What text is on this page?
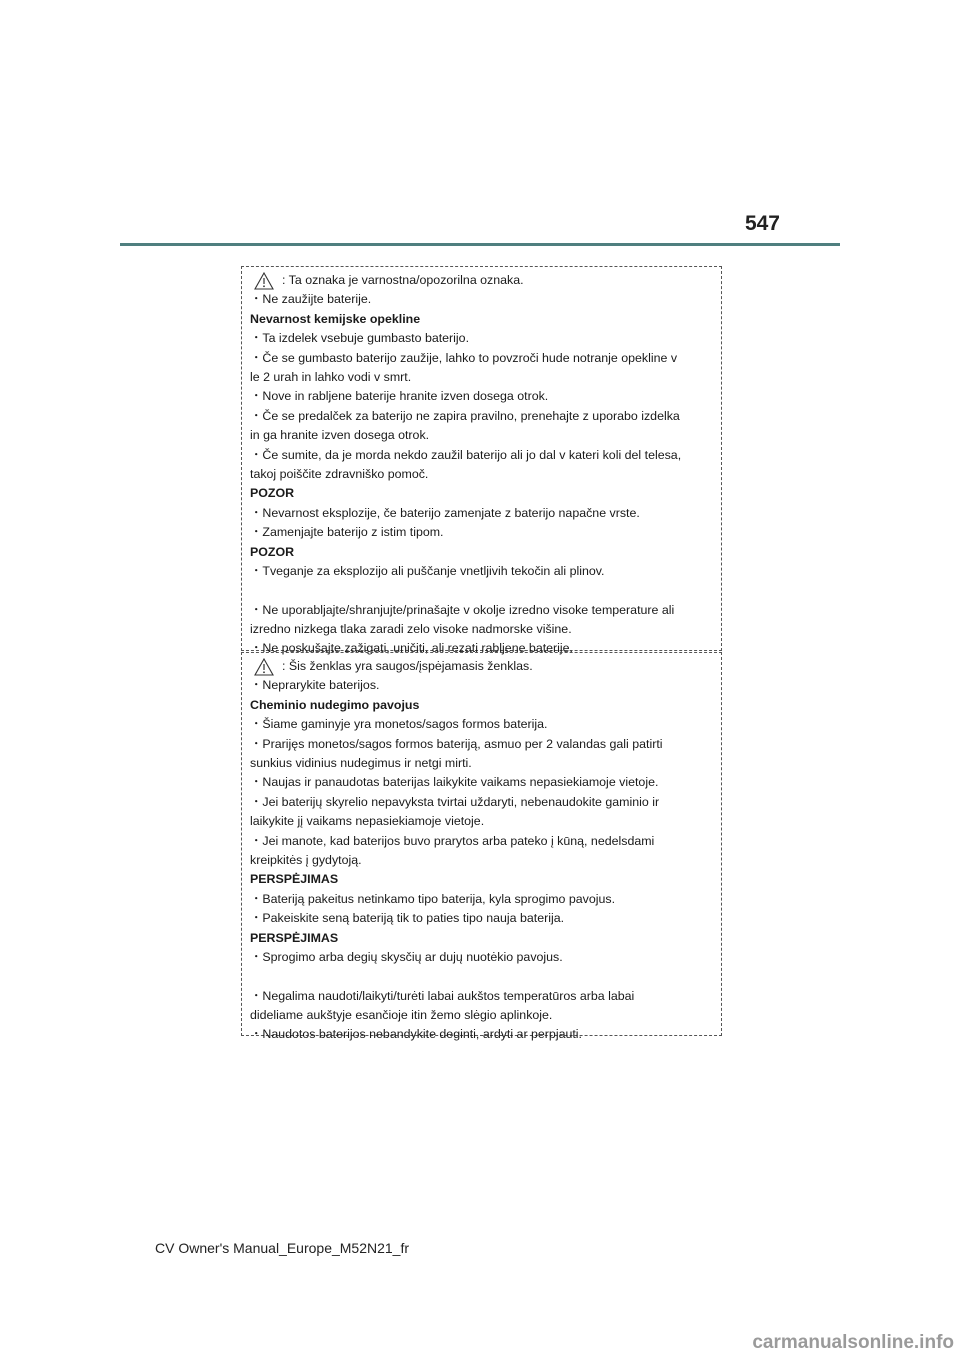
547
: Ta oznaka je varnostna/opozorilna oznaka.
・Ne zaužijte baterije.
Nevarnost kemijske opekline
・Ta izdelek vsebuje gumbasto baterijo.
・Če se gumbasto baterijo zaužije, lahko to povzroči hude notranje opekline v
le 2 urah in lahko vodi v smrt.
・Nove in rabljene baterije hranite izven dosega otrok.
・Če se predalček za baterijo ne zapira pravilno, prenehajte z uporabo izdelka
in ga hranite izven dosega otrok.
・Če sumite, da je morda nekdo zaužil baterijo ali jo dal v kateri koli del telesa,
takoj poiščite zdravniško pomoč.
POZOR
・Nevarnost eksplozije, če baterijo zamenjate z baterijo napačne vrste.
・Zamenjajte baterijo z istim tipom.
POZOR
・Tveganje za eksplozijo ali puščanje vnetljivih tekočin ali plinov.
・Ne uporabljajte/shranjujte/prinašajte v okolje izredno visoke temperature ali
izredno nizkega tlaka zaradi zelo visoke nadmorske višine.
・Ne poskušajte zažigati, uničiti, ali rezati rabljene baterije.
: Šis ženklas yra saugos/įspėjamasis ženklas.
・Neprarykite baterijos.
Cheminio nudegimo pavojus
・Šiame gaminyje yra monetos/sagos formos baterija.
・Prarijęs monetos/sagos formos bateriją, asmuo per 2 valandas gali patirti
sunkius vidinius nudegimus ir netgi mirti.
・Naujas ir panaudotas baterijas laikykite vaikams nepasiekiamoje vietoje.
・Jei baterijų skyrelio nepavyksta tvirtai uždaryti, nebenaudokite gaminio ir
laikykite jį vaikams nepasiekiamoje vietoje.
・Jei manote, kad baterijos buvo prarytos arba pateko į kūną, nedelsdami
kreipkitės į gydytoją.
PERSPĖJIMAS
・Bateriją pakeitus netinkamo tipo baterija, kyla sprogimo pavojus.
・Pakeiskite seną bateriją tik to paties tipo nauja baterija.
PERSPĖJIMAS
・Sprogimo arba degių skysčių ar dujų nuotėkio pavojus.
・Negalima naudoti/laikyti/turėti labai aukštos temperatūros arba labai
dideliame aukštyje esančioje itin žemo slėgio aplinkoje.
・Naudotos baterijos nebandykite deginti, ardyti ar perpjauti.
CV Owner's Manual_Europe_M52N21_fr
carmanualsonline.info
